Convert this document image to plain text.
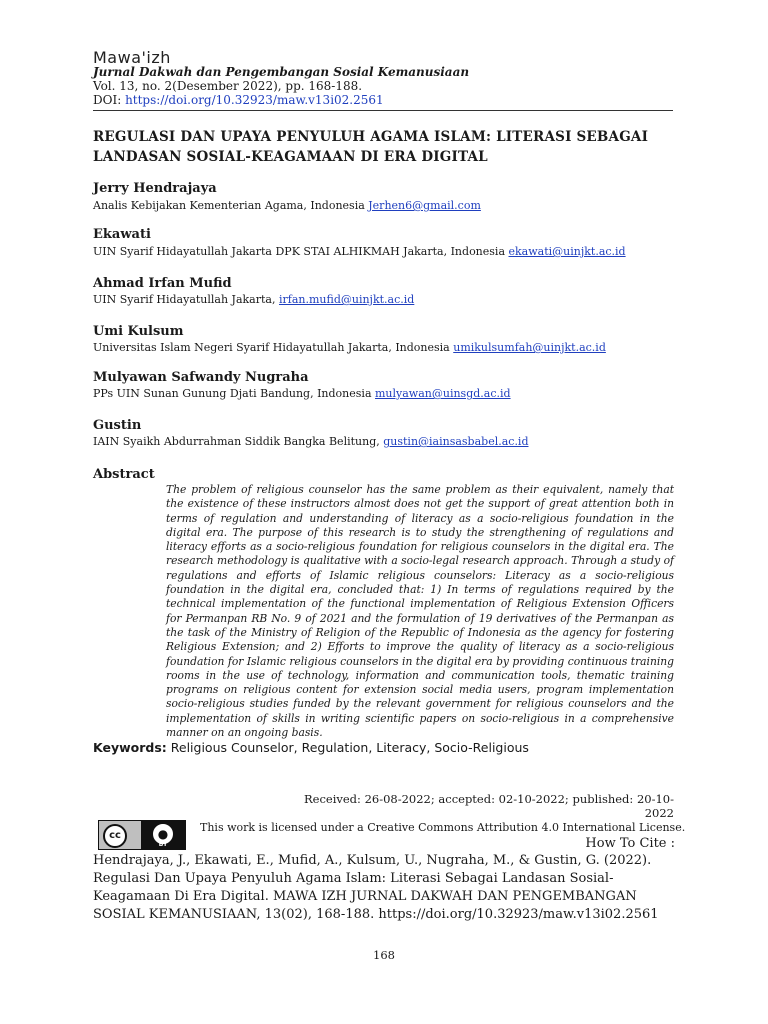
Mawa'izh
Jurnal Dakwah dan Pengembangan Sosial Kemanusiaan
Vol. 13, no. 2(Desember 2022), pp. 168-188.
DOI: https://doi.org/10.32923/maw.v13i02.2561
REGULASI DAN UPAYA PENYULUH AGAMA ISLAM: LITERASI SEBAGAI LANDASAN SOSIAL-KEAGAMAAN DI ERA DIGITAL
Jerry Hendrajaya
Analis Kebijakan Kementerian Agama, Indonesia Jerhen6@gmail.com
Ekawati
UIN Syarif Hidayatullah Jakarta DPK STAI ALHIKMAH Jakarta, Indonesia ekawati@uinjkt.ac.id
Ahmad Irfan Mufid
UIN Syarif Hidayatullah Jakarta, irfan.mufid@uinjkt.ac.id
Umi Kulsum
Universitas Islam Negeri Syarif Hidayatullah Jakarta, Indonesia umikulsumfah@uinjkt.ac.id
Mulyawan Safwandy Nugraha
PPs UIN Sunan Gunung Djati Bandung, Indonesia mulyawan@uinsgd.ac.id
Gustin
IAIN Syaikh Abdurrahman Siddik Bangka Belitung, gustin@iainsasbabel.ac.id
Abstract
The problem of religious counselor has the same problem as their equivalent, namely that the existence of these instructors almost does not get the support of great attention both in terms of regulation and understanding of literacy as a socio-religious foundation in the digital era. The purpose of this research is to study the strengthening of regulations and literacy efforts as a socio-religious foundation for religious counselors in the digital era. The research methodology is qualitative with a socio-legal research approach. Through a study of regulations and efforts of Islamic religious counselors: Literacy as a socio-religious foundation in the digital era, concluded that: 1) In terms of regulations required by the technical implementation of the functional implementation of Religious Extension Officers for Permanpan RB No. 9 of 2021 and the formulation of 19 derivatives of the Permanpan as the task of the Ministry of Religion of the Republic of Indonesia as the agency for fostering Religious Extension; and 2) Efforts to improve the quality of literacy as a socio-religious foundation for Islamic religious counselors in the digital era by providing continuous training rooms in the use of technology, information and communication tools, thematic training programs on religious content for extension social media users, program implementation socio-religious studies funded by the relevant government for religious counselors and the implementation of skills in writing scientific papers on socio-religious in a comprehensive manner on an ongoing basis.
Keywords: Religious Counselor, Regulation, Literacy, Socio-Religious
Received: 26-08-2022; accepted: 02-10-2022; published: 20-10-2022
cc	●
BY
This work is licensed under a Creative Commons Attribution 4.0 International License.
How To Cite :
Hendrajaya, J., Ekawati, E., Mufid, A., Kulsum, U., Nugraha, M., & Gustin, G. (2022). Regulasi Dan Upaya Penyuluh Agama Islam: Literasi Sebagai Landasan Sosial-Keagamaan Di Era Digital. MAWA IZH JURNAL DAKWAH DAN PENGEMBANGAN SOSIAL KEMANUSIAAN, 13(02), 168-188. https://doi.org/10.32923/maw.v13i02.2561
168
